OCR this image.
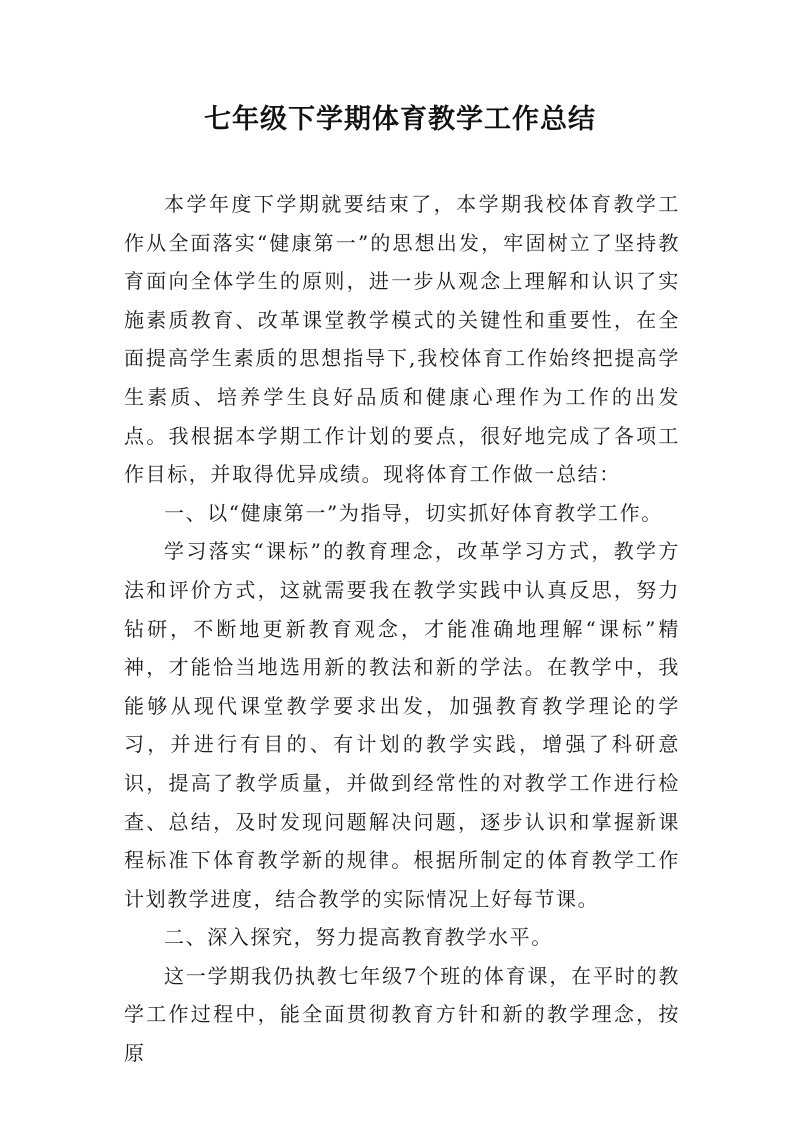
七年级下学期体育教学工作总结

本学年度下学期就要结束了，本学期我校体育教学工作从全面落实“健康第一”的思想出发，牢固树立了坚持教育面向全体学生的原则，进一步从观念上理解和认识了实施素质教育、改革课堂教学模式的关键性和重要性，在全面提高学生素质的思想指导下,我校体育工作始终把提高学生素质、培养学生良好品质和健康心理作为工作的出发点。我根据本学期工作计划的要点，很好地完成了各项工作目标，并取得优异成绩。现将体育工作做一总结：

一、以“健康第一”为指导，切实抓好体育教学工作。

学习落实“课标”的教育理念，改革学习方式，教学方法和评价方式，这就需要我在教学实践中认真反思，努力钻研，不断地更新教育观念，才能准确地理解“课标”精神，才能恰当地选用新的教法和新的学法。在教学中，我能够从现代课堂教学要求出发，加强教育教学理论的学习，并进行有目的、有计划的教学实践，增强了科研意识，提高了教学质量，并做到经常性的对教学工作进行检查、总结，及时发现问题解决问题，逐步认识和掌握新课程标准下体育教学新的规律。根据所制定的体育教学工作计划教学进度，结合教学的实际情况上好每节课。

二、深入探究，努力提高教育教学水平。

这一学期我仍执教七年级7个班的体育课，在平时的教学工作过程中，能全面贯彻教育方针和新的教学理念，按原
